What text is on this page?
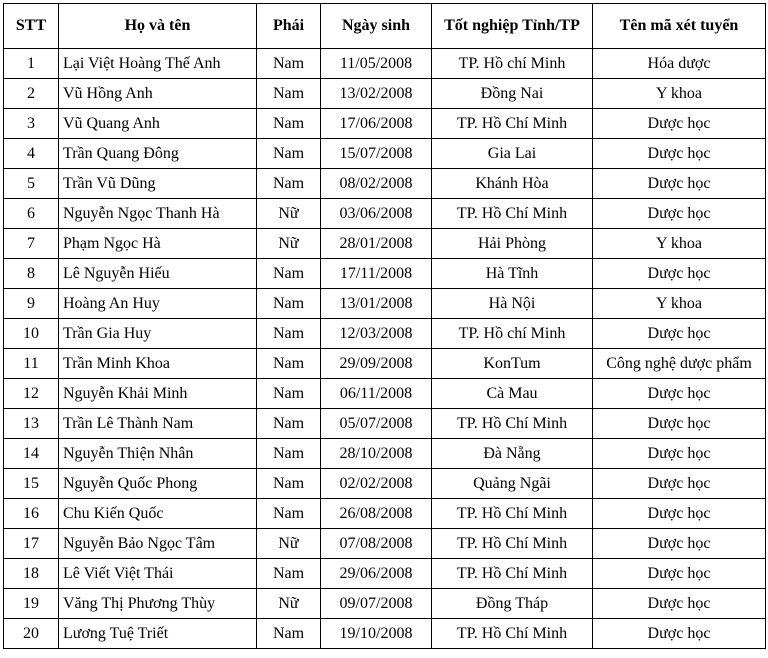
STT	Họ và tên	Phái	Ngày sinh	Tốt nghiệp Tỉnh/TP	Tên mã xét tuyển
1	Lại Việt Hoàng Thế Anh	Nam	11/05/2008	TP. Hồ chí Minh	Hóa dược
2	Vũ Hồng Anh	Nam	13/02/2008	Đồng Nai	Y khoa
3	Vũ Quang Anh	Nam	17/06/2008	TP. Hồ Chí Minh	Dược học
4	Trần Quang Đông	Nam	15/07/2008	Gia Lai	Dược học
5	Trần Vũ Dũng	Nam	08/02/2008	Khánh Hòa	Dược học
6	Nguyễn Ngọc Thanh Hà	Nữ	03/06/2008	TP. Hồ Chí Minh	Dược học
7	Phạm Ngọc Hà	Nữ	28/01/2008	Hải Phòng	Y khoa
8	Lê Nguyễn Hiếu	Nam	17/11/2008	Hà Tĩnh	Dược học
9	Hoàng An Huy	Nam	13/01/2008	Hà Nội	Y khoa
10	Trần Gia Huy	Nam	12/03/2008	TP. Hồ chí Minh	Dược học
11	Trần Minh Khoa	Nam	29/09/2008	KonTum	Công nghệ dược phẩm
12	Nguyễn Khải Minh	Nam	06/11/2008	Cà Mau	Dược học
13	Trần Lê Thành Nam	Nam	05/07/2008	TP. Hồ Chí Minh	Dược học
14	Nguyễn Thiện Nhân	Nam	28/10/2008	Đà Nẵng	Dược học
15	Nguyễn Quốc Phong	Nam	02/02/2008	Quảng Ngãi	Dược học
16	Chu Kiến Quốc	Nam	26/08/2008	TP. Hồ Chí Minh	Dược học
17	Nguyễn Bảo Ngọc Tâm	Nữ	07/08/2008	TP. Hồ Chí Minh	Dược học
18	Lê Viết Việt Thái	Nam	29/06/2008	TP. Hồ Chí Minh	Dược học
19	Văng Thị Phương Thùy	Nữ	09/07/2008	Đồng Tháp	Dược học
20	Lương Tuệ Triết	Nam	19/10/2008	TP. Hồ Chí Minh	Dược học
